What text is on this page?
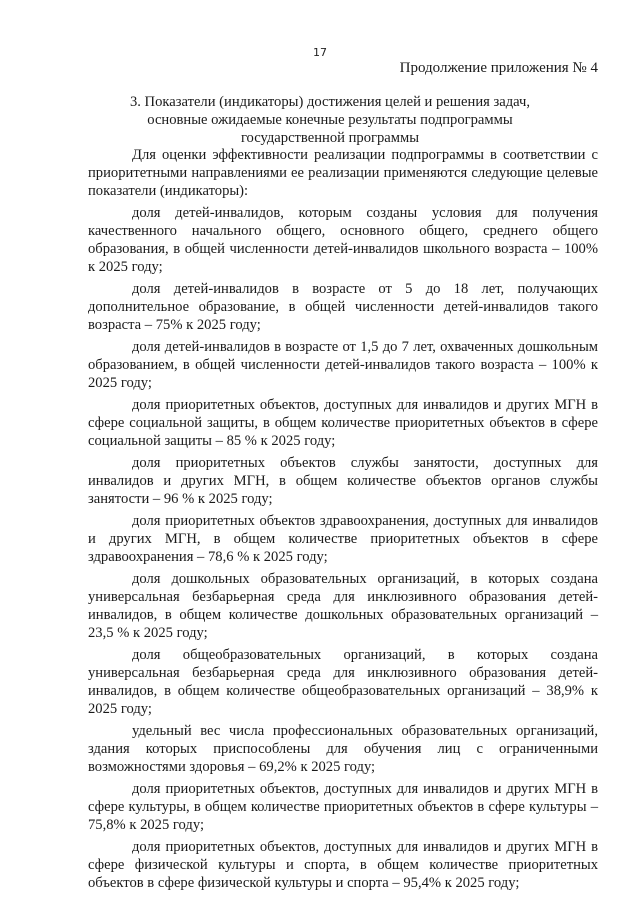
17
Продолжение приложения № 4
3. Показатели (индикаторы) достижения целей и решения задач,
основные ожидаемые конечные результаты подпрограммы
государственной программы

Для оценки эффективности реализации подпрограммы в соответствии с приоритетными направлениями ее реализации применяются следующие целевые показатели (индикаторы):

доля детей-инвалидов, которым созданы условия для получения качественного начального общего, основного общего, среднего общего образования, в общей численности детей-инвалидов школьного возраста – 100% к 2025 году;

доля детей-инвалидов в возрасте от 5 до 18 лет, получающих дополнительное образование, в общей численности детей-инвалидов такого возраста – 75% к 2025 году;

доля детей-инвалидов в возрасте от 1,5 до 7 лет, охваченных дошкольным образованием, в общей численности детей-инвалидов такого возраста – 100% к 2025 году;

доля приоритетных объектов, доступных для инвалидов и других МГН в сфере социальной защиты, в общем количестве приоритетных объектов в сфере социальной защиты – 85 % к 2025 году;

доля приоритетных объектов службы занятости, доступных для инвалидов и других МГН, в общем количестве объектов органов службы занятости – 96 % к 2025 году;

доля приоритетных объектов здравоохранения, доступных для инвалидов и других МГН, в общем количестве приоритетных объектов в сфере здравоохранения – 78,6 % к 2025 году;

доля дошкольных образовательных организаций, в которых создана универсальная безбарьерная среда для инклюзивного образования детей-инвалидов, в общем количестве дошкольных образовательных организаций – 23,5 % к 2025 году;

доля общеобразовательных организаций, в которых создана универсальная безбарьерная среда для инклюзивного образования детей-инвалидов, в общем количестве общеобразовательных организаций – 38,9% к 2025 году;

удельный вес числа профессиональных образовательных организаций, здания которых приспособлены для обучения лиц с ограниченными возможностями здоровья – 69,2% к 2025 году;

доля приоритетных объектов, доступных для инвалидов и других МГН в сфере культуры, в общем количестве приоритетных объектов в сфере культуры – 75,8% к 2025 году;

доля приоритетных объектов, доступных для инвалидов и других МГН в сфере физической культуры и спорта, в общем количестве приоритетных объектов в сфере физической культуры и спорта – 95,4% к 2025 году;
